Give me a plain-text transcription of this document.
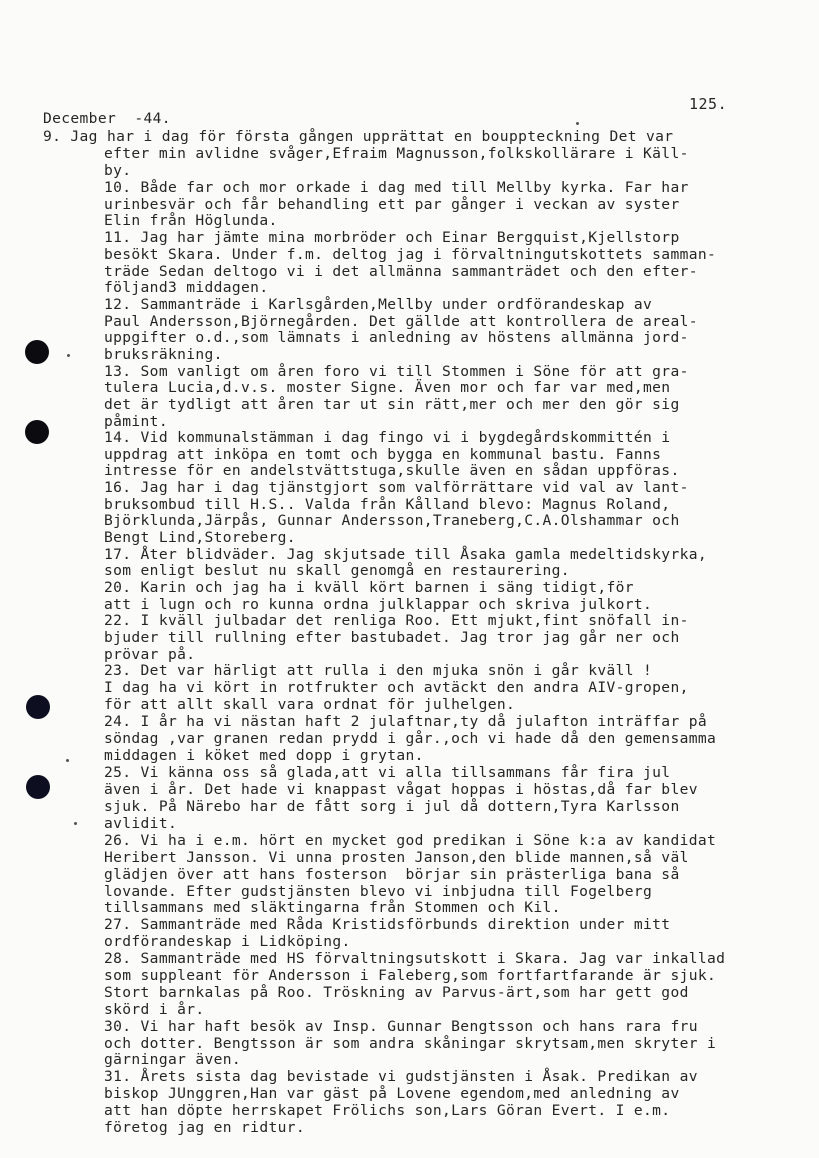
125.
December  -44.
9. Jag har i dag för första gången upprättat en bouppteckning Det var
efter min avlidne svåger,Efraim Magnusson,folkskollärare i Käll-
by.
10. Både far och mor orkade i dag med till Mellby kyrka. Far har
urinbesvär och får behandling ett par gånger i veckan av syster
Elin från Höglunda.
11. Jag har jämte mina morbröder och Einar Bergquist,Kjellstorp
besökt Skara. Under f.m. deltog jag i förvaltningutskottets samman-
träde Sedan deltogo vi i det allmänna sammanträdet och den efter-
följand3 middagen.
12. Sammanträde i Karlsgården,Mellby under ordförandeskap av
Paul Andersson,Björnegården. Det gällde att kontrollera de areal-
uppgifter o.d.,som lämnats i anledning av höstens allmänna jord-
bruksräkning.
13. Som vanligt om åren foro vi till Stommen i Söne för att gra-
tulera Lucia,d.v.s. moster Signe. Även mor och far var med,men
det är tydligt att åren tar ut sin rätt,mer och mer den gör sig
påmint.
14. Vid kommunalstämman i dag fingo vi i bygdegårdskommittén i
uppdrag att inköpa en tomt och bygga en kommunal bastu. Fanns
intresse för en andelstvättstuga,skulle även en sådan uppföras.
16. Jag har i dag tjänstgjort som valförrättare vid val av lant-
bruksombud till H.S.. Valda från Kålland blevo: Magnus Roland,
Björklunda,Järpås, Gunnar Andersson,Traneberg,C.A.Olshammar och
Bengt Lind,Storeberg.
17. Åter blidväder. Jag skjutsade till Åsaka gamla medeltidskyrka,
som enligt beslut nu skall genomgå en restaurering.
20. Karin och jag ha i kväll kört barnen i säng tidigt,för
att i lugn och ro kunna ordna julklappar och skriva julkort.
22. I kväll julbadar det renliga Roo. Ett mjukt,fint snöfall in-
bjuder till rullning efter bastubadet. Jag tror jag går ner och
prövar på.
23. Det var härligt att rulla i den mjuka snön i går kväll !
I dag ha vi kört in rotfrukter och avtäckt den andra AIV-gropen,
för att allt skall vara ordnat för julhelgen.
24. I år ha vi nästan haft 2 julaftnar,ty då julafton inträffar på
söndag ,var granen redan prydd i går.,och vi hade då den gemensamma
middagen i köket med dopp i grytan.
25. Vi känna oss så glada,att vi alla tillsammans får fira jul
även i år. Det hade vi knappast vågat hoppas i höstas,då far blev
sjuk. På Närebo har de fått sorg i jul då dottern,Tyra Karlsson
avlidit.
26. Vi ha i e.m. hört en mycket god predikan i Söne k:a av kandidat
Heribert Jansson. Vi unna prosten Janson,den blide mannen,så väl
glädjen över att hans fosterson  börjar sin prästerliga bana så
lovande. Efter gudstjänsten blevo vi inbjudna till Fogelberg
tillsammans med släktingarna från Stommen och Kil.
27. Sammanträde med Råda Kristidsförbunds direktion under mitt
ordförandeskap i Lidköping.
28. Sammanträde med HS förvaltningsutskott i Skara. Jag var inkallad
som suppleant för Andersson i Faleberg,som fortfartfarande är sjuk.
Stort barnkalas på Roo. Tröskning av Parvus-ärt,som har gett god
skörd i år.
30. Vi har haft besök av Insp. Gunnar Bengtsson och hans rara fru
och dotter. Bengtsson är som andra skåningar skrytsam,men skryter i
gärningar även.
31. Årets sista dag bevistade vi gudstjänsten i Åsak. Predikan av
biskop JUnggren,Han var gäst på Lovene egendom,med anledning av
att han döpte herrskapet Frölichs son,Lars Göran Evert. I e.m.
företog jag en ridtur.
